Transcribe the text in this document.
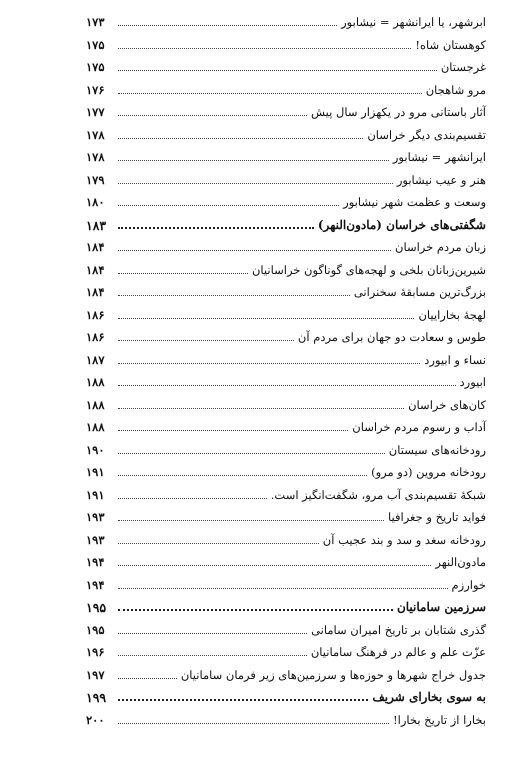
ابرشهر، یا ایرانشهر = نیشابور
۱۷۳
کوهستان شاه!
۱۷۵
غرجستان
۱۷۵
مرو شاهجان
۱۷۶
آثار باستانی مرو در یکهزار سال پیش
۱۷۷
تقسیم‌بندی دیگر خراسان
۱۷۸
ایرانشهر = نیشابور
۱۷۸
هنر و عیب نیشابور
۱۷۹
وسعت و عظمت شهر نیشابور
۱۸۰
شگفتی‌های خراسان (مادون‌النهر)
۱۸۳
زبان مردم خراسان
۱۸۴
شیرین‌زبانان بلخی و لهجه‌های گوناگون خراسانیان
۱۸۴
بزرگ‌ترین مسابقهٔ سخنرانی
۱۸۴
لهجهٔ بخاراییان
۱۸۶
طوس و سعادت دو جهان برای مردم آن
۱۸۶
نساء و ابیورد
۱۸۷
ابیورد
۱۸۸
کان‌های خراسان
۱۸۸
آداب و رسوم مردم خراسان
۱۸۸
رودخانه‌های سیستان
۱۹۰
رودخانه مروین (دو مرو)
۱۹۱
شبکهٔ تقسیم‌بندی آب مرو، شگفت‌انگیز است.
۱۹۱
فواید تاریخ و جغرافیا
۱۹۳
رودخانه سغد و سد و بند عجیب آن
۱۹۳
مادون‌النهر
۱۹۴
خوارزم
۱۹۴
سرزمین سامانیان
۱۹۵
گذری شتابان بر تاریخ امیران سامانی
۱۹۵
عزّت علم و عالم در فرهنگ سامانیان
۱۹۶
جدول خراج شهرها و حوزه‌ها و سرزمین‌های زیر فرمان سامانیان
۱۹۷
به سوی بخارای شریف
۱۹۹
بخارا از تاریخ بخارا!
۲۰۰
